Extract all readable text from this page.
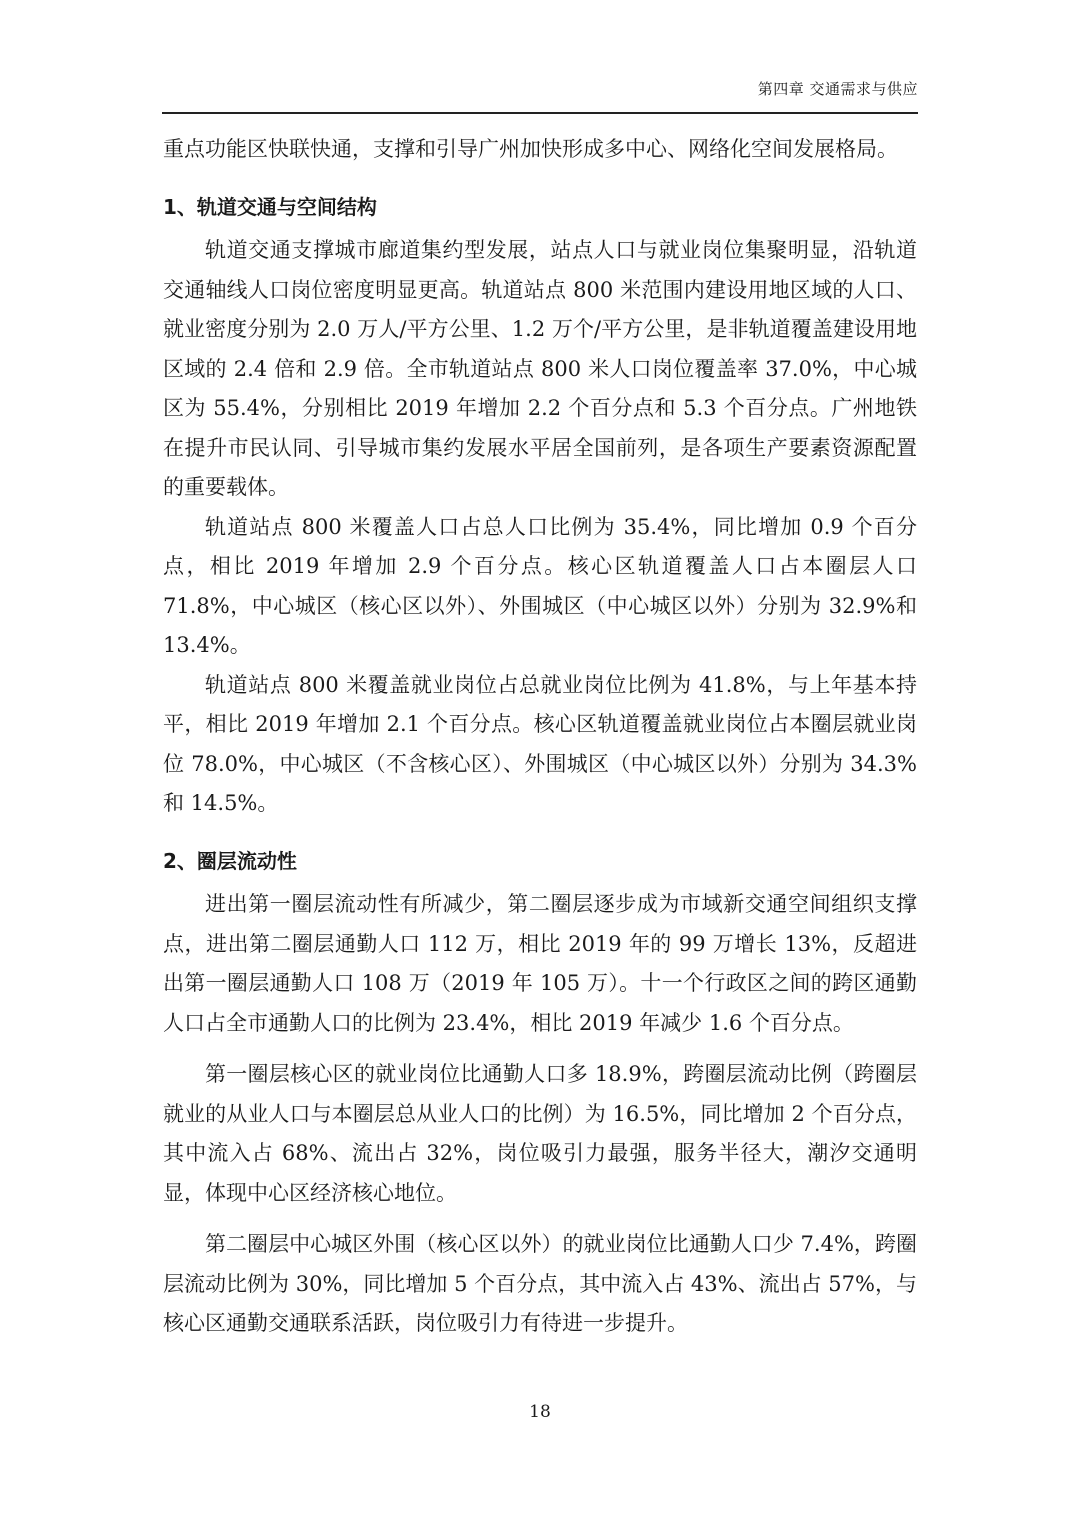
第四章 交通需求与供应

重点功能区快联快通，支撑和引导广州加快形成多中心、网络化空间发展格局。

1、轨道交通与空间结构

轨道交通支撑城市廊道集约型发展，站点人口与就业岗位集聚明显，沿轨道交通轴线人口岗位密度明显更高。轨道站点 800 米范围内建设用地区域的人口、就业密度分别为 2.0 万人/平方公里、1.2 万个/平方公里，是非轨道覆盖建设用地区域的 2.4 倍和 2.9 倍。全市轨道站点 800 米人口岗位覆盖率 37.0%，中心城区为 55.4%，分别相比 2019 年增加 2.2 个百分点和 5.3 个百分点。广州地铁在提升市民认同、引导城市集约发展水平居全国前列，是各项生产要素资源配置的重要载体。

轨道站点 800 米覆盖人口占总人口比例为 35.4%，同比增加 0.9 个百分点，相比 2019 年增加 2.9 个百分点。核心区轨道覆盖人口占本圈层人口 71.8%，中心城区（核心区以外）、外围城区（中心城区以外）分别为 32.9%和 13.4%。

轨道站点 800 米覆盖就业岗位占总就业岗位比例为 41.8%，与上年基本持平，相比 2019 年增加 2.1 个百分点。核心区轨道覆盖就业岗位占本圈层就业岗位 78.0%，中心城区（不含核心区）、外围城区（中心城区以外）分别为 34.3%和 14.5%。

2、圈层流动性

进出第一圈层流动性有所减少，第二圈层逐步成为市域新交通空间组织支撑点，进出第二圈层通勤人口 112 万，相比 2019 年的 99 万增长 13%，反超进出第一圈层通勤人口 108 万（2019 年 105 万）。十一个行政区之间的跨区通勤人口占全市通勤人口的比例为 23.4%，相比 2019 年减少 1.6 个百分点。

第一圈层核心区的就业岗位比通勤人口多 18.9%，跨圈层流动比例（跨圈层就业的从业人口与本圈层总从业人口的比例）为 16.5%，同比增加 2 个百分点，其中流入占 68%、流出占 32%，岗位吸引力最强，服务半径大，潮汐交通明显，体现中心区经济核心地位。

第二圈层中心城区外围（核心区以外）的就业岗位比通勤人口少 7.4%，跨圈层流动比例为 30%，同比增加 5 个百分点，其中流入占 43%、流出占 57%，与核心区通勤交通联系活跃，岗位吸引力有待进一步提升。

18
